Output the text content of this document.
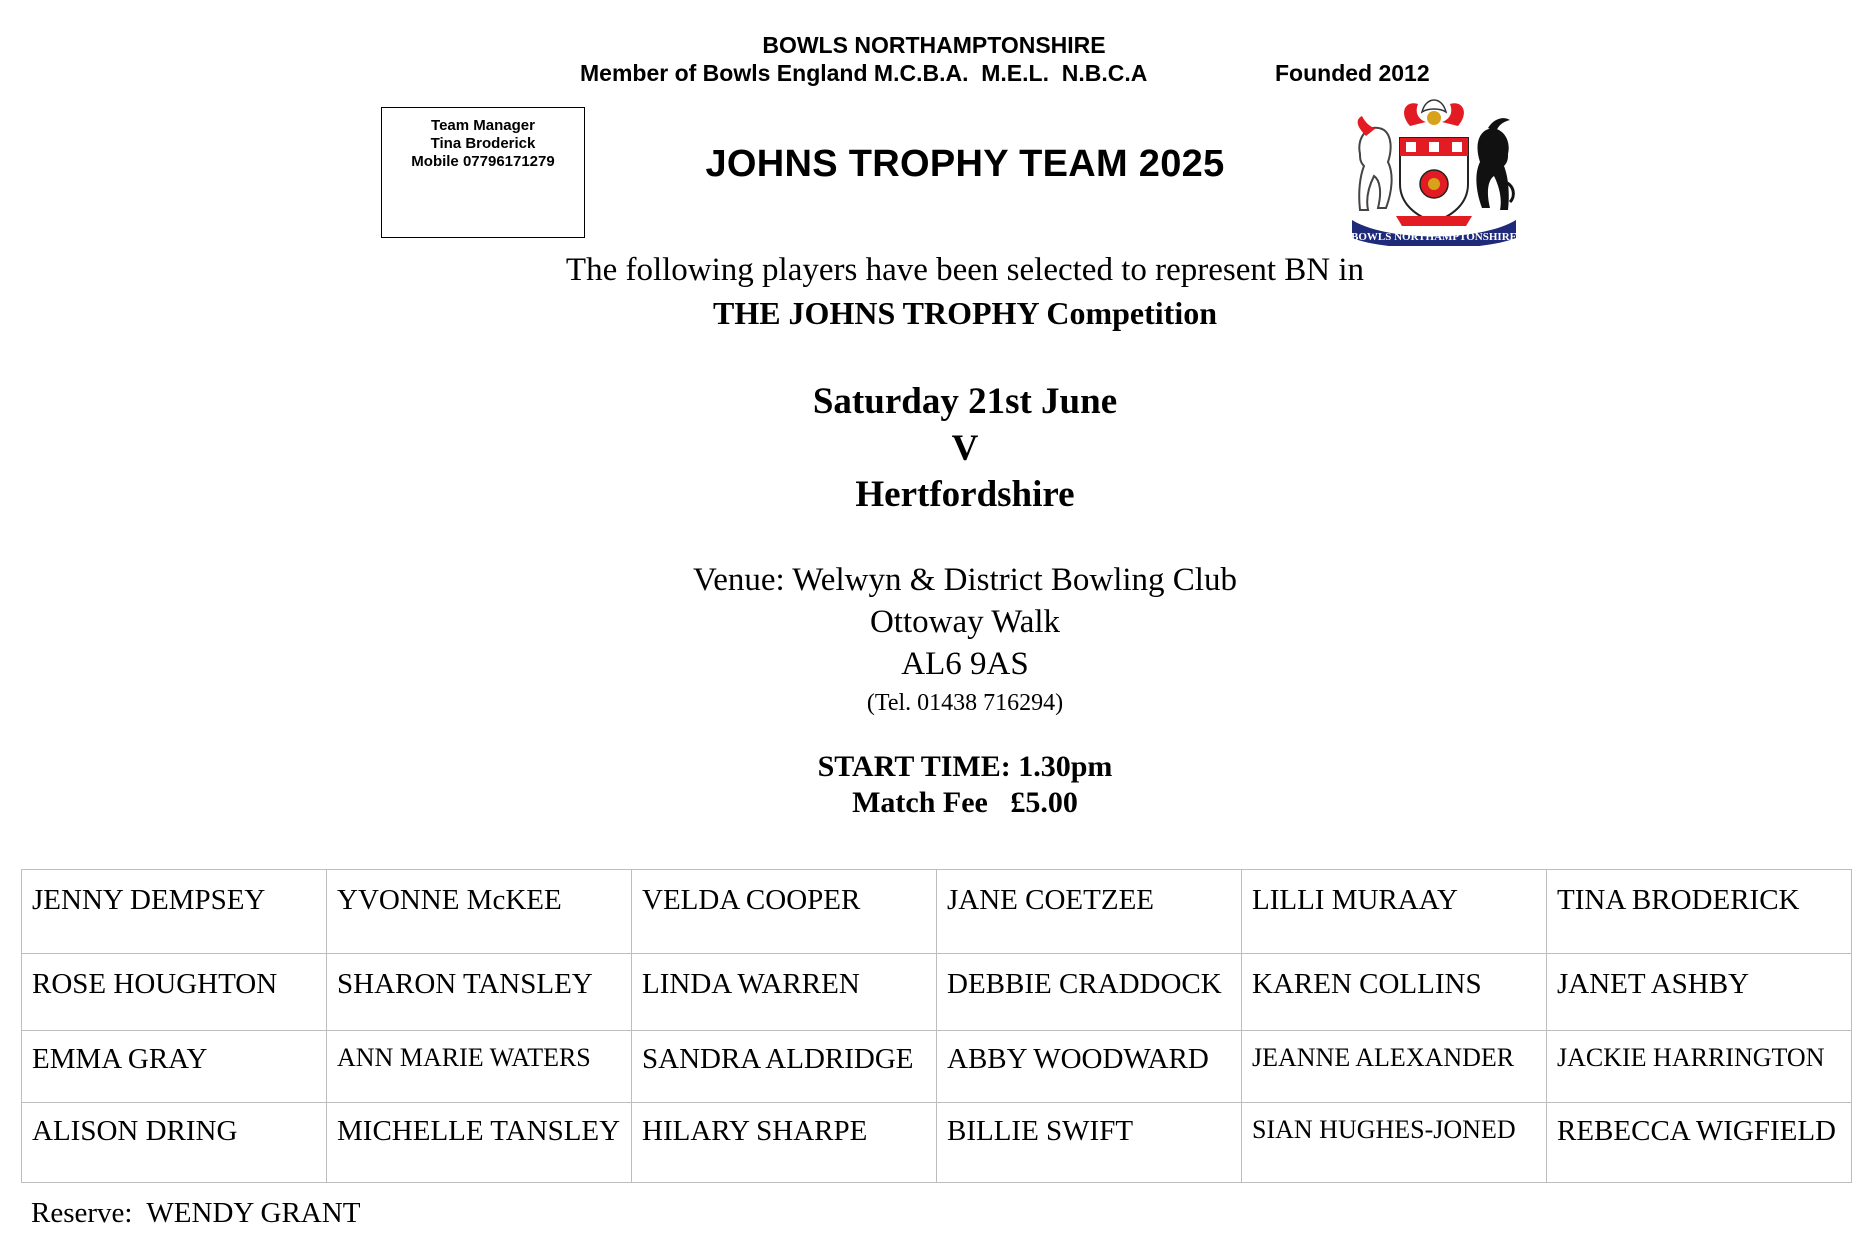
BOWLS NORTHAMPTONSHIRE
Member of Bowls England M.C.B.A.  M.E.L.  N.B.C.A	Founded 2012
Team Manager
Tina Broderick
Mobile 07796171279	JOHNS TROPHY TEAM 2025
BOWLS NORTHAMPTONSHIRE
The following players have been selected to represent BN in
THE JOHNS TROPHY Competition
Saturday 21st June
V
Hertfordshire
Venue: Welwyn & District Bowling Club
Ottoway Walk
AL6 9AS
(Tel. 01438 716294)
START TIME: 1.30pm
Match Fee   £5.00
JENNY DEMPSEY	YVONNE McKEE	VELDA COOPER	JANE COETZEE	LILLI MURAAY	TINA BRODERICK
ROSE HOUGHTON	SHARON TANSLEY	LINDA WARREN	DEBBIE CRADDOCK	KAREN COLLINS	JANET ASHBY
EMMA GRAY	ANN MARIE WATERS	SANDRA ALDRIDGE	ABBY WOODWARD	JEANNE ALEXANDER	JACKIE HARRINGTON
ALISON DRING	MICHELLE TANSLEY	HILARY SHARPE	BILLIE SWIFT	SIAN HUGHES-JONED	REBECCA WIGFIELD
Reserve:  WENDY GRANT
